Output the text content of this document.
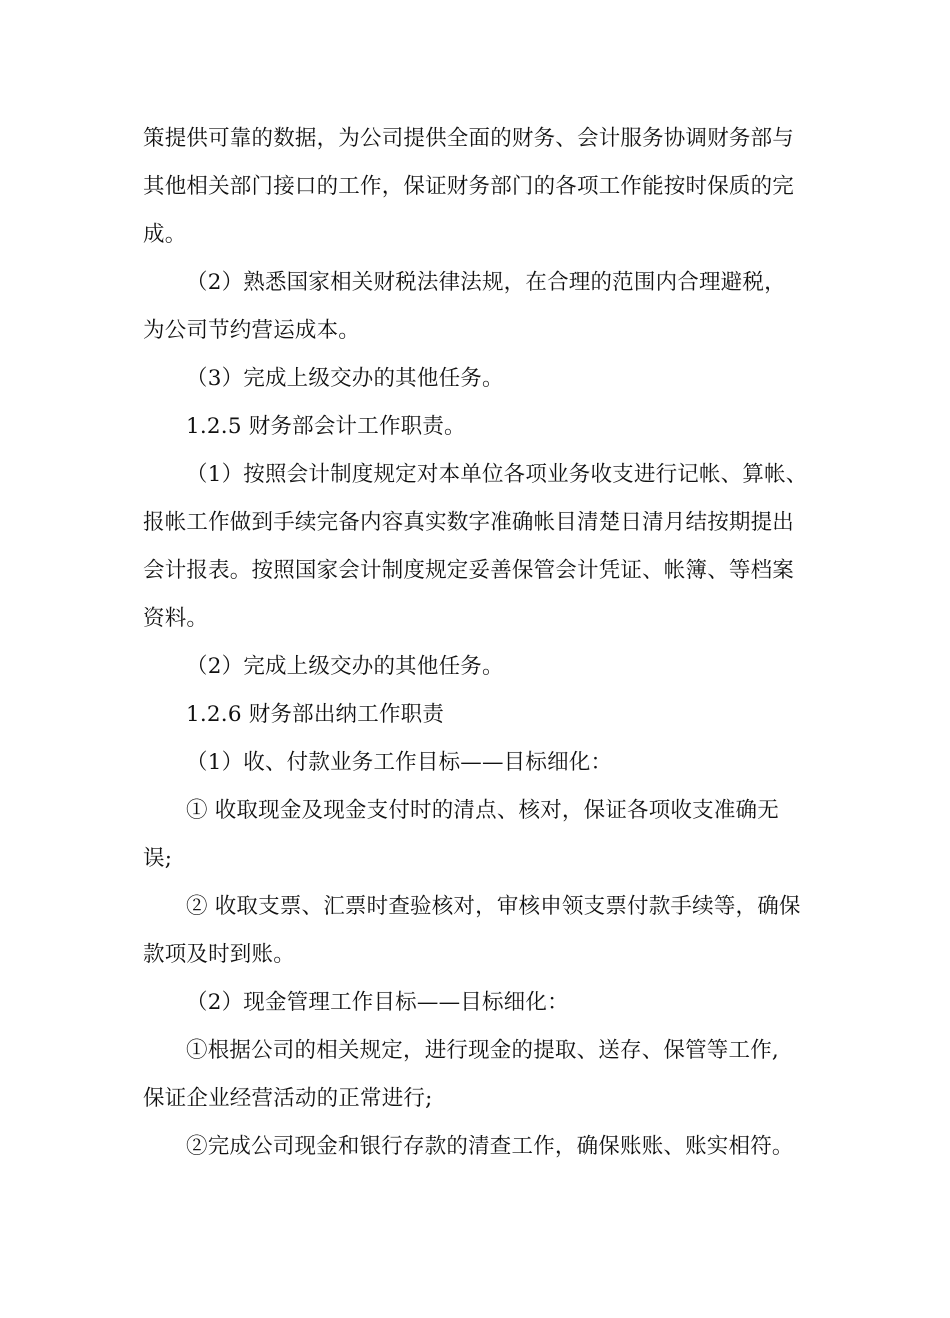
策提供可靠的数据，为公司提供全面的财务、会计服务协调财务部与
其他相关部门接口的工作，保证财务部门的各项工作能按时保质的完
成。
（2）熟悉国家相关财税法律法规，在合理的范围内合理避税，
为公司节约营运成本。
（3）完成上级交办的其他任务。
1.2.5 财务部会计工作职责。
（1）按照会计制度规定对本单位各项业务收支进行记帐、算帐、
报帐工作做到手续完备内容真实数字准确帐目清楚日清月结按期提出
会计报表。按照国家会计制度规定妥善保管会计凭证、帐簿、等档案
资料。
（2）完成上级交办的其他任务。
1.2.6 财务部出纳工作职责
（1）收、付款业务工作目标——目标细化：
① 收取现金及现金支付时的清点、核对，保证各项收支准确无
误;
② 收取支票、汇票时查验核对，审核申领支票付款手续等，确保
款项及时到账。
（2）现金管理工作目标——目标细化：
①根据公司的相关规定，进行现金的提取、送存、保管等工作,
保证企业经营活动的正常进行;
②完成公司现金和银行存款的清查工作，确保账账、账实相符。
